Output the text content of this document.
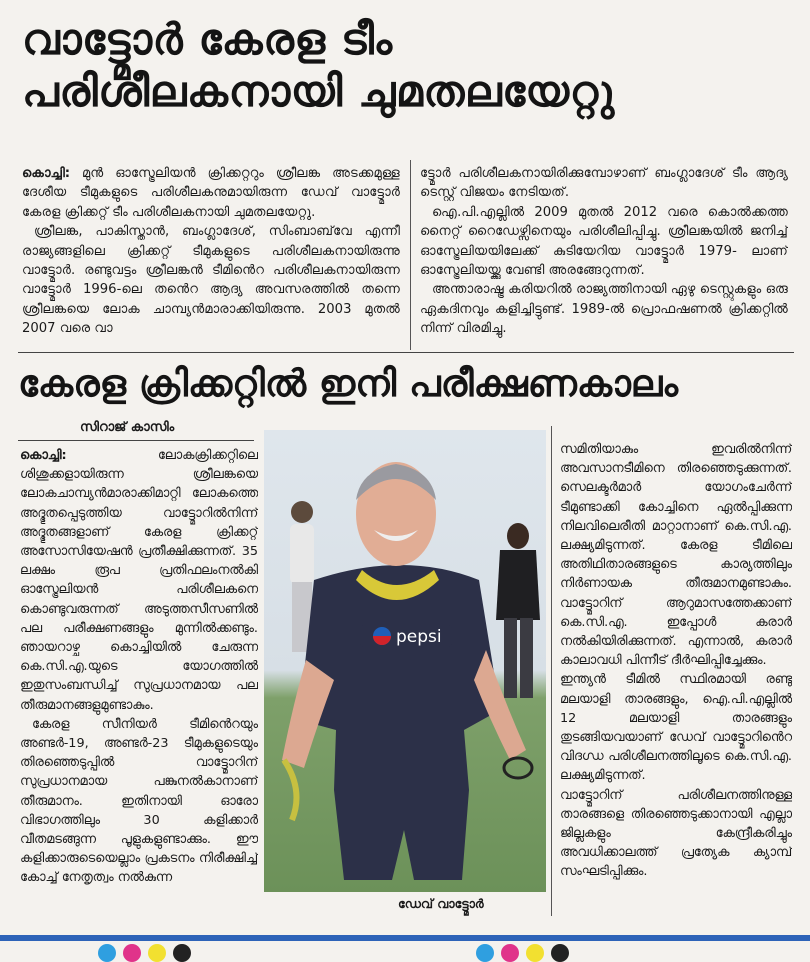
വാട്ട്മോർ കേരള ടീം
പരിശീലകനായി ചുമതലയേറ്റു

കൊച്ചി: മുൻ ഓസ്ട്രേലിയൻ ക്രിക്കറ്ററും ശ്രീലങ്ക അടക്കമുള്ള ദേശീയ ടീമുകളുടെ പരിശീലകനുമായിരുന്ന ഡേവ് വാട്ട്മോർ കേരള ക്രിക്കറ്റ് ടീം പരിശീലകനായി ചുമതലയേറ്റു.

ശ്രീലങ്ക, പാകിസ്താൻ, ബംഗ്ലാദേശ്, സിംബാബ്‌വേ എന്നീ രാജ്യങ്ങളിലെ ക്രിക്കറ്റ് ടീമുകളുടെ പരിശീലകനായിരുന്നു വാട്ട്മോർ. രണ്ടുവട്ടം ശ്രീലങ്കൻ ടീമിൻെറ പരിശീലകനായിരുന്ന വാട്ട്മോർ 1996-ലെ തൻെറ ആദ്യ അവസരത്തിൽ തന്നെ ശ്രീലങ്കയെ ലോക ചാമ്പ്യൻമാരാക്കിയിരുന്നു. 2003 മുതൽ 2007 വരെ വാ

ട്ട്മോർ പരിശീലകനായിരിക്കുമ്പോഴാണ് ബംഗ്ലാദേശ് ടീം ആദ്യ ടെസ്റ്റ് വിജയം നേടിയത്.

ഐ.പി.എല്ലിൽ 2009 മുതൽ 2012 വരെ കൊൽക്കത്ത നൈറ്റ് റൈഡേഴ്സിനെയും പരിശീലിപ്പിച്ചു. ശ്രീലങ്കയിൽ ജനിച്ച് ഓസ്ട്രേലിയയിലേക്ക് കുടിയേറിയ വാട്ട്മോർ 1979- ലാണ് ഓസ്ട്രേലിയയ്ക്കു വേണ്ടി അരങ്ങേറുന്നത്.

അന്താരാഷ്ട്ര കരിയറിൽ രാജ്യത്തിനായി ഏഴു ടെസ്റ്റുകളും ഒരു ഏകദിനവും കളിച്ചിട്ടുണ്ട്. 1989-ൽ പ്രൊഫഷണൽ ക്രിക്കറ്റിൽ നിന്ന് വിരമിച്ചു.

കേരള ക്രിക്കറ്റിൽ ഇനി പരീക്ഷണകാലം
സിറാജ് കാസിം

കൊച്ചി: ലോകക്രിക്കറ്റിലെ ശിശുക്കളായിരുന്ന ശ്രീലങ്കയെ ലോകചാമ്പ്യൻമാരാക്കിമാറ്റി ലോകത്തെ അദ്ഭുതപ്പെടുത്തിയ വാട്ട്മോറിൽനിന്ന് അദ്ഭുതങ്ങളാണ് കേരള ക്രിക്കറ്റ് അസോസിയേഷൻ പ്രതീക്ഷിക്കുന്നത്. 35 ലക്ഷം രൂപ പ്രതിഫലംനൽകി ഓസ്ട്രേലിയൻ പരിശീലകനെ കൊണ്ടുവരുന്നത് അടുത്തസീസണിൽ പല പരീക്ഷണങ്ങളും മുന്നിൽക്കണ്ടും. ഞായറാഴ്ച കൊച്ചിയിൽ ചേരുന്ന കെ.സി.എ.യുടെ യോഗത്തിൽ ഇതുസംബന്ധിച്ച് സുപ്രധാനമായ പല തീരുമാനങ്ങളുമുണ്ടാകും.

കേരള സീനിയർ ടീമിൻെറയും അണ്ടർ-19, അണ്ടർ-23 ടീമുകളുടെയും തിരഞ്ഞെടുപ്പിൽ വാട്ട്മോറിന് സുപ്രധാനമായ പങ്കുനൽകാനാണ് തീരുമാനം. ഇതിനായി ഓരോ വിഭാഗത്തിലും 30 കളിക്കാർ വീതമടങ്ങുന്ന പൂളുകളുണ്ടാക്കും. ഈ കളിക്കാരുടെയെല്ലാം പ്രകടനം നിരീക്ഷിച്ച് കോച്ച് നേതൃത്വം നൽകുന്ന

pepsi
ഡേവ് വാട്ട്മോർ

സമിതിയാകും ഇവരിൽനിന്ന് അവസാനടീമിനെ തിരഞ്ഞെടുക്കുന്നത്. സെലക്ടർമാർ യോഗംചേർന്ന് ടീമുണ്ടാക്കി കോച്ചിനെ ഏൽപ്പിക്കുന്ന നിലവിലെരീതി മാറ്റാനാണ് കെ.സി.എ. ലക്ഷ്യമിടുന്നത്. കേരള ടീമിലെ അതിഥിതാരങ്ങളുടെ കാര്യത്തിലും നിർണായക തീരുമാനമുണ്ടാകും. വാട്ട്മോറിന് ആറുമാസത്തേക്കാണ് കെ.സി.എ. ഇപ്പോൾ കരാർ നൽകിയിരിക്കുന്നത്. എന്നാൽ, കരാർ കാലാവധി പിന്നീട് ദീർഘിപ്പിച്ചേക്കും.

ഇന്ത്യൻ ടീമിൽ സ്ഥിരമായി രണ്ടു മലയാളി താരങ്ങളും, ഐ.പി.എല്ലിൽ 12 മലയാളി താരങ്ങളും തുടങ്ങിയവയാണ് ഡേവ് വാട്ട്മോറിൻെറ വിദഗ്ധ പരിശീലനത്തിലൂടെ കെ.സി.എ. ലക്ഷ്യമിടുന്നത്.

വാട്ട്മോറിന് പരിശീലനത്തിനുള്ള താരങ്ങളെ തിരഞ്ഞെടുക്കാനായി എല്ലാ ജില്ലകളും കേന്ദ്രീകരിച്ചും അവധിക്കാലത്ത് പ്രത്യേക ക്യാമ്പ് സംഘടിപ്പിക്കും.
